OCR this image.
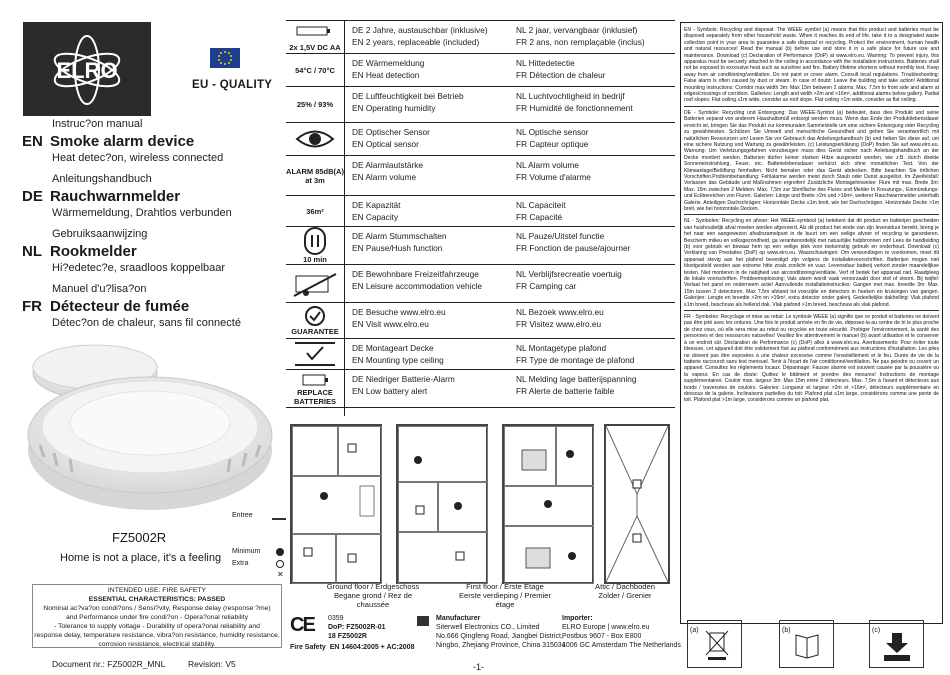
ELRO
EU - QUALITY
Instruc?on manual
EN Smoke alarm device
Heat detec?on, wireless connected
Anleitungshandbuch
DE Rauchwarnmelder
Wärmemeldung, Drahtlos verbunden
Gebruiksaanwijzing
NL Rookmelder
Hi?edetec?e, sraadloos koppelbaar
Manuel d'u?lisa?on
FR Détecteur de fumée
Détec?on de chaleur, sans fil connecté
FZ5002R
Home is not a place, it's a feeling
INTENDED USE: FIRE SAFETY
ESSENTIAL CHARACTERISTICS: PASSED
Nominal ac?va?on condi?ons / Sensi?vity, Response delay (response ?me)
and Performance under fire condi?on - Opera?onal reliability
- Tolerance to supply voltage - Durability of opera?onal reliability and
response delay, temperature resistance, vibra?on resistance, humidity resistance,
corrosion resistance, electrical stability.
Document nr.: FZ5002R_MNL	Revision: V5	-1-
2x 1,5V DC AA
DE 2 Jahre, austauschbar (inklusive)
EN 2 years, replaceable (included)
NL 2 jaar, vervangbaar (inklusief)
FR 2 ans, non remplaçable (inclus)
54°C / 70°C
DE Wärmemeldung
EN Heat detection
NL Hittedetectie
FR Détection de chaleur
25% / 93%
DE Luftfeuchtigkeit bei Betrieb
EN Operating humidity
NL Luchtvochtigheid in bedrijf
FR Humidité de fonctionnement
DE Optischer Sensor
EN Optical sensor
NL Optische sensor
FR Capteur optique
ALARM 85dB(A) at 3m
DE Alarmlautstärke
EN Alarm volume
NL Alarm volume
FR Volume d'alarme
36m²
DE Kapazität
EN Capacity
NL Capaciteit
FR Capacité
10 min
DE Alarm Stummschalten
EN Pause/Hush function
NL Pauze/Uitstel functie
FR Fonction de pause/ajourner
DE Bewohnbare Freizeitfahrzeuge
EN Leisure accommodation vehicle
NL Verblijfsrecreatie voertuig
FR Camping car
GUARANTEE
DE Besuche www.elro.eu
EN Visit www.elro.eu
NL Bezoek www.elro.eu
FR Visitez www.elro.eu
DE Montageart Decke
EN Mounting type ceiling
NL Montagetype plafond
FR Type de montage de plafond
REPLACE BATTERIES
DE Niedriger Batterie-Alarm
EN Low battery alert
NL Melding lage batterijspanning
FR Alerte de batterie faible
Entree
Minimum
Extra
✕
Ground floor / Erdgeschoss
Begane grond / Rez de chaussée
First floor / Erste Etage
Eerste verdieping / Premier étage
Attic / Dachboden
Zolder / Grenier
CE	0359
DoP: FZ5002R-01
18 FZ5002R
Fire Safety EN 14604:2005 + AC:2008
Manufacturer
Siterwell Electronics CO., Limited
No.666 Qingfeng Road, Jiangbei District,
Ningbo, Zhejiang Province, China 315034
Importer:
ELRO Europe | www.elro.eu
Postbus 9607 - Box E800
1006 GC Amsterdam The Netherlands
EN - Symbols: Recycling and disposal: The WEEE symbol (a) means that this product and batteries must be disposed separately from other household waste. When it reaches its end of life, take it to a designated waste collection point in your area to guarantee a safe disposal or recycling. Protect the environment, human health and natural resources! Read the manual (b) before use and store it in a safe place for future use and maintenance. Download (c) Declaration of Performance (DoP) at www.elro.eu. Warning: To prevent injury, this apparatus must be securely attached to the ceiling in accordance with the installation instructions. Batteries shall not be exposed to excessive heat such as sunshine and fire. Battery lifetime shortens without monthly test. Keep away from air conditioning/ventilation. Do not paint or cover alarm. Consult local regulations. Troubleshooting: False alarm is often caused by dust or steam. In case of doubt: Leave the building and take action! Additional mounting instructions: Corridor max width 3m: Max 15m between 2 alarms. Max. 7,5m to front side and alarm at edges/crossings of corridors. Galleries: Length and width >2m and >16m², additional alarms below gallery. Partial roof slopes: Flat ceiling ≤1m wide, consider as roof slope. Flat ceiling >1m wide, consider as flat ceiling.
DE - Symbole: Recycling und Entsorgung: Das WEEE-Symbol (a) bedeutet, dass dies Produkt und seine Batterien separat von anderem Haushaltsmüll entsorgt werden muss. Wenn das Ende der Produktlebensdauer erreicht ist, bringen Sie das Produkt zur kommunalen Sammelstelle um eine sichere Entsorgung oder Recycling zu gewährleisten. Schützen Sie Umwelt und menschliche Gesundheit und gehen Sie verantwortlich mit natürlichen Ressourcen um! Lesen Sie vor Gebrauch das Anleitungshandbuch (b) und heben Sie diese auf, um eine sichere Nutzung und Wartung zu gewährleisten. (c) Leistungserklärung (DoP) finden Sie auf www.elro.eu. Warnung: Um Verletzungsgefahren vorzubeugen muss dies Gerät sicher nach Anleitungshandbuch an der Decke montiert werden. Batterien dürfen keiner starken Hitze ausgesetzt werden, wie z.B. durch direkte Sonneneinstrahlung, Feuer, etc. Batterielebensdauer verkürzt sich ohne monatlichen Test. Von der Klimaanlage/Belüftung fernhalten. Nicht bemalen oder das Gerät abdecken. Bitte beachten Sie örtlichen Vorschriften.Problembehandlung: Fehlalarme werden meist durch Staub oder Dunst ausgelöst. Im Zweifelsfall: Verlassen das Gebäude und Maßnahmen ergreifen! Zusätzliche Montagehinweise: Flure mit max. Breite 3m: Max. 15m zwischen 2 Meldern. Max. 7,5m zur Stirnfläche des Flures und Melder In Kreuzungs-, Einmündungs- und Eckbereichen von Fluren. Galerien: Länge und Breite >2m und >16m², weiterer Rauchwarnmelder unterhalb Galerie. Anteiligen Dachschrägen: Horizontale Decke ≤1m breit, wie bei Dachschrägen. Horizontale Decke >1m breit, wie bei horizontale Decken.
NL - Symbolen: Recycling en afvoer: Het WEEE-symbool (a) betekent dat dit product en batterijen gescheiden van huishoudelijk afval moeten worden afgevoerd. Als dit product het einde van zijn levensduur bereikt, breng je het naar een aangewezen afvalinzamelpunt in de buurt om een veilige afvoer of recycling te garanderen. Bescherm milieu en volksgezondheid, ga verantwoordelijk met natuurlijke hulpbronnen om! Lees de handleiding (b) voor gebruik en bewaar hem op een veilige plek voor toekomstig gebruik en onderhoud. Download (c) Verklaring van Prestaties (DoP) op www.elro.eu. Waarschuwingen: Om verwondingen te voorkomen, moet dit apparaat stevig aan het plafond bevestigd zijn volgens de installatievoorschriften. Batterijen mogen niet blootgesteld worden aan extreme hitte zoals zonlicht en vuur. Levensduur batterij verkort zonder maandelijkse testen. Niet monteren in de nabijheid van airconditioning/ventilatie. Verf of bedek het apparaat niet. Raadpleeg de lokale voorschriften. Probleemoplossing: Vals alarm wordt vaak veroorzaakt door stof of stoom. Bij twijfel: Verlaat het pand en onderneem actie! Aanvullende installatieinstructies: Gangen met max. breedte 3m: Max. 15m tussen 2 detectoren. Max 7,5m afstand tot voorzijde en detectors in hoeken en kruisingen van gangen. Galerijen: Lengte en breedte >2m en >16m², extra detector onder galerij. Gedeeltelijke dakhelling: Vlak plafond ≤1m breed, beschouw als hellend dak. Vlak plafond >1m breed, beschouw als vlak plafond.
FR - Symboles: Recyclage et mise au rebut: Le symbole WEEE (a) signifie que ce produit et batteries ne doivent pas être jeté avec les ordures. Une fois le produit arrivée en fin de vie, déposez-la au centre de tri le plus proche de chez vous, où elle sera mise au rebut ou recyclée en toute sécurité. Protéger l'environnement, la santé des personnes et des ressources naturelles! Veuillez lire attentivement le manuel (b) avant utilisation et le conserver à un endroit sûr. Déclaration de Performance (c) (DoP) allez à www.elro.eu. Avertissements: Pour éviter toute blessure, cet appareil doit être solidement fixé au plafond conformément aux instructions d'installation. Les piles ne doivent pas être exposées à une chaleur excessive comme l'ensoleillement et le feu. Durée de vie de la batterie raccourcit sans test mensuel. Tenir à l'écart de l'air conditionné/ventilation. Ne pas peindre ou couvrir un appareil. Consultez les règlements locaux. Dépannage: Fausse alarme est souvent causée par la poussière ou la vapeur. En cas de doute: Quittez le bâtiment et prendre des mesures! Instructions de montage supplémentaires: Couloir max. largeur 3m: Max 15m entre 2 détecteurs. Max. 7,5m à l'avant et détecteurs aux bords / traversées de couloirs. Galeries: Longueur et largeur >2m et >16m², détecteurs supplémentaire en dessous de la galerie. Inclinaisons partielles du toit: Plafond plat ≤1m large, considérons comme une pente de toit. Plafond plat >1m large, considérons comme un plafond plat.
(a)	(b)	(c)
